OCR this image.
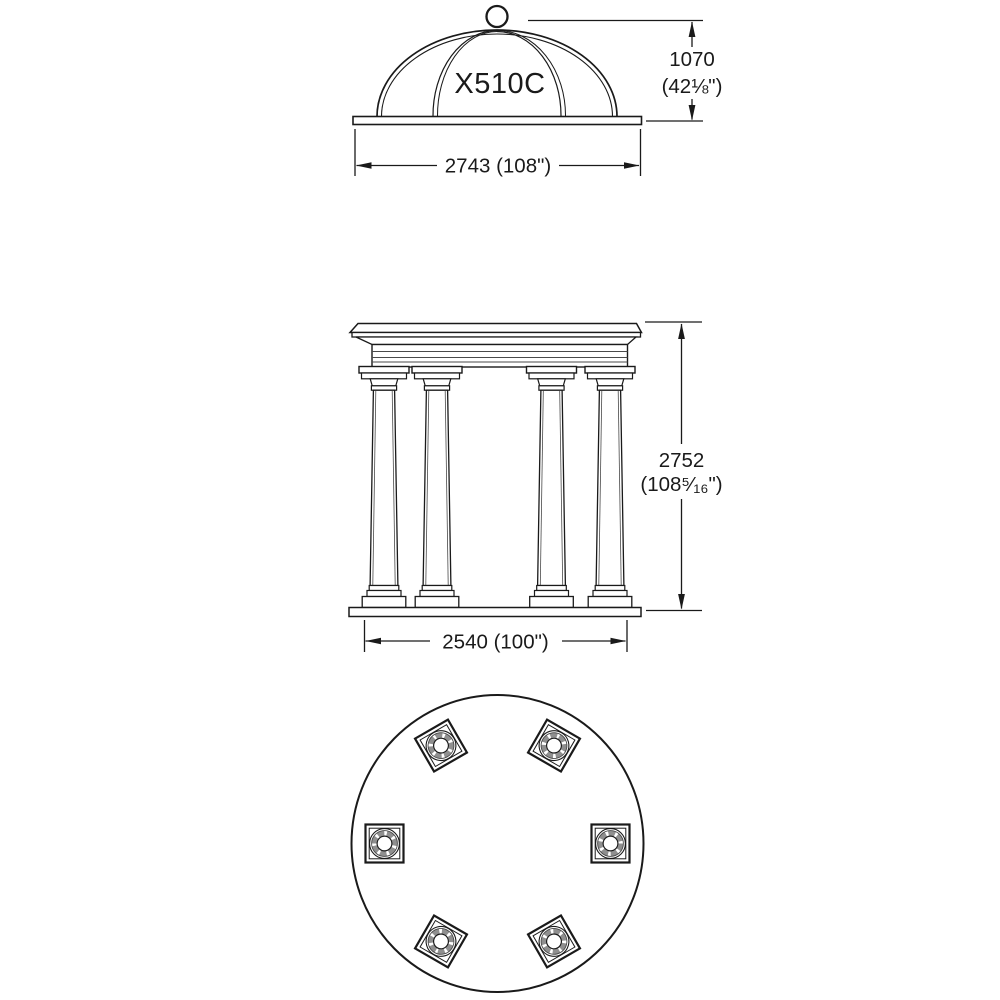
X510C
1070
(42⅛")
2743 (108")
2752
(108⁵⁄₁₆")
2540 (100")
